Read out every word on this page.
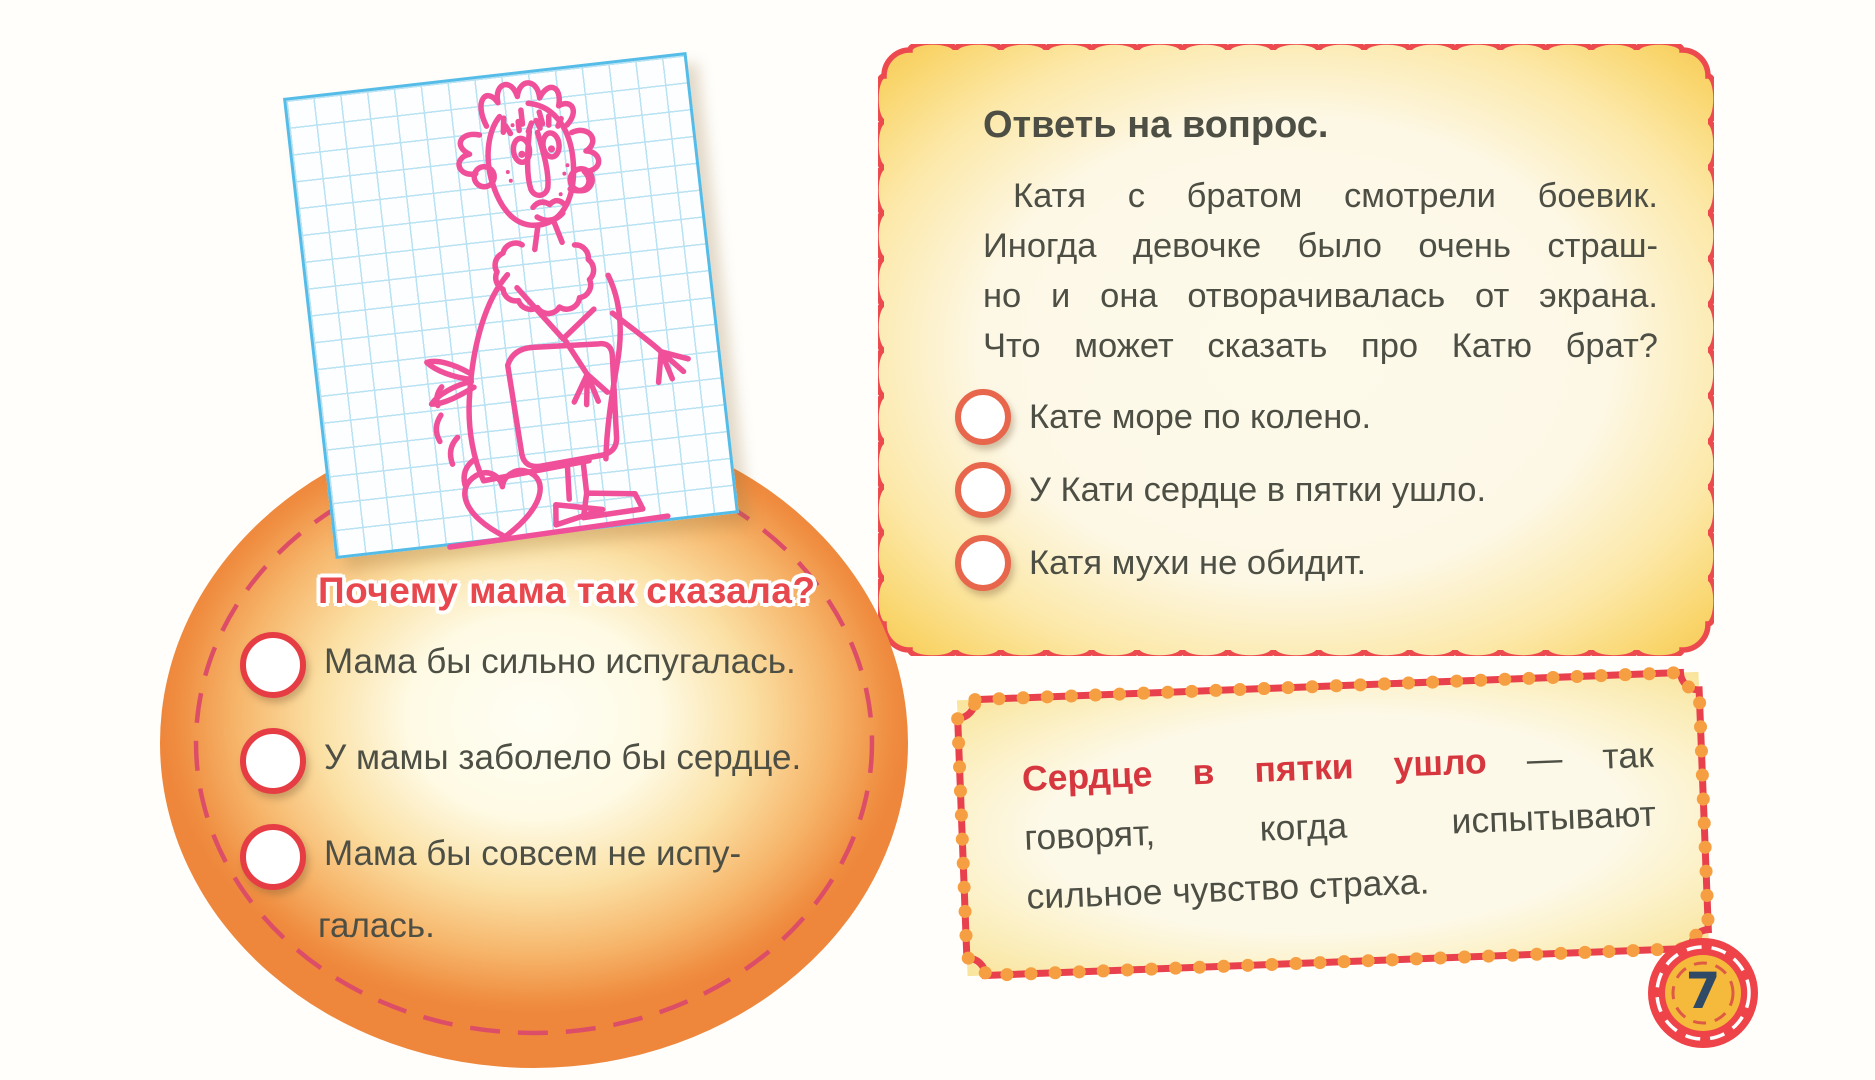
Ответь на вопрос.
Катя с братом смотрели боевик.
Иногда девочке было очень страш-
но и она отворачивалась от экрана.
Что может сказать про Катю брат?
Кате море по колено.
У Кати сердце в пятки ушло.
Катя мухи не обидит.
Почему мама так сказала?
Мама бы сильно испугалась.
У мамы заболело бы сердце.
Мама бы совсем не испу-
галась.
Сердце в пятки ушло — так
говорят, когда испытывают
сильное чувство страха.
7
